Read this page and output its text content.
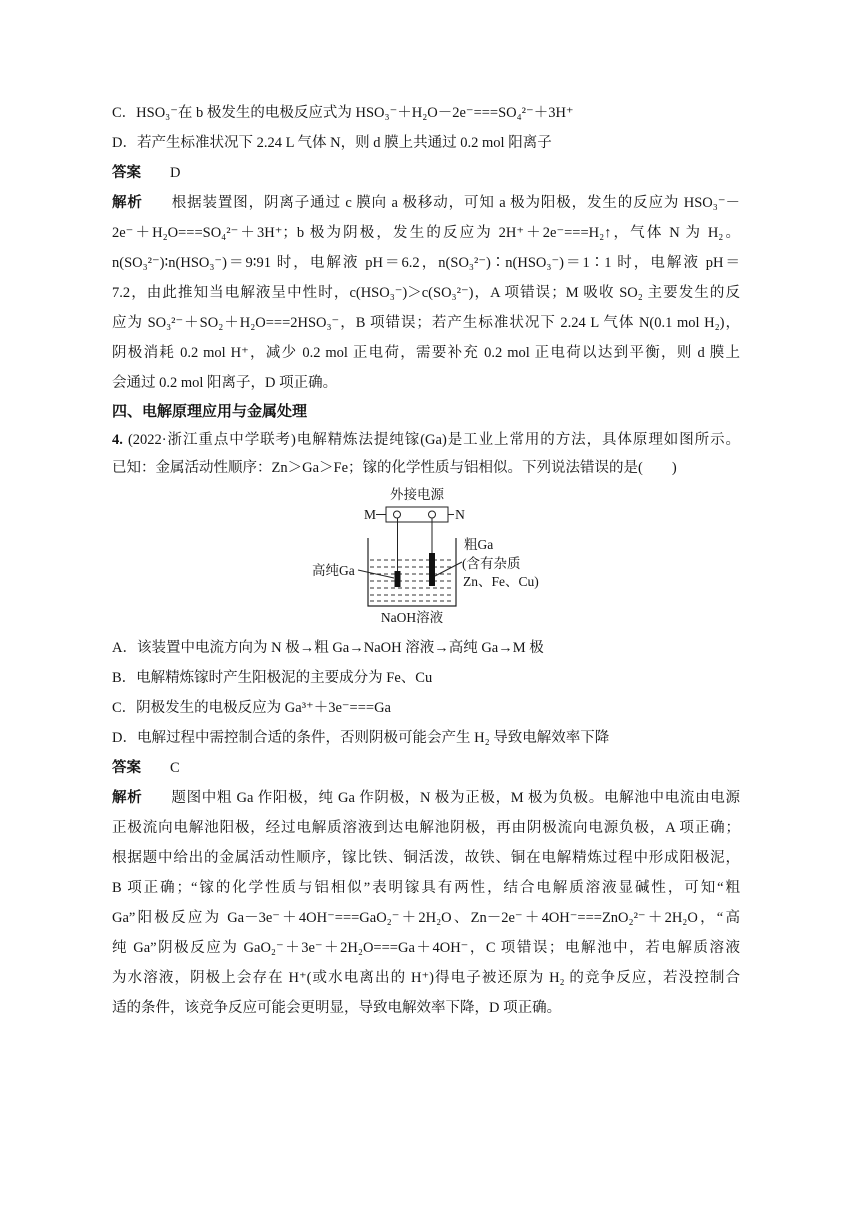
C．HSO₃⁻在 b 极发生的电极反应式为 HSO₃⁻＋H₂O－2e⁻===SO₄²⁻＋3H⁺
D．若产生标准状况下 2.24 L 气体 N，则 d 膜上共通过 0.2 mol 阳离子
答案 D
解析 根据装置图，阴离子通过 c 膜向 a 极移动，可知 a 极为阳极，发生的反应为 HSO₃⁻－
2e⁻＋H₂O===SO₄²⁻＋3H⁺；b 极为阴极，发生的反应为 2H⁺＋2e⁻===H₂↑，气体 N 为 H₂。
n(SO₃²⁻)∶n(HSO₃⁻)＝9∶91 时，电解液 pH＝6.2，n(SO₃²⁻)∶n(HSO₃⁻)＝1∶1 时，电解液 pH＝
7.2，由此推知当电解液呈中性时，c(HSO₃⁻)＞c(SO₃²⁻)，A 项错误；M 吸收 SO₂ 主要发生的反
应为 SO₃²⁻＋SO₂＋H₂O===2HSO₃⁻，B 项错误；若产生标准状况下 2.24 L 气体 N(0.1 mol H₂)，
阴极消耗 0.2 mol H⁺，减少 0.2 mol 正电荷，需要补充 0.2 mol 正电荷以达到平衡，则 d 膜上
会通过 0.2 mol 阳离子，D 项正确。
四、电解原理应用与金属处理
4. (2022·浙江重点中学联考)电解精炼法提纯镓(Ga)是工业上常用的方法，具体原理如图所示。
已知：金属活动性顺序：Zn＞Ga＞Fe；镓的化学性质与铝相似。下列说法错误的是(　　)
外接电源
M	N
高纯Ga
粗Ga
(含有杂质
Zn、Fe、Cu)
NaOH溶液
A．该装置中电流方向为 N 极→粗 Ga→NaOH 溶液→高纯 Ga→M 极
B．电解精炼镓时产生阳极泥的主要成分为 Fe、Cu
C．阴极发生的电极反应为 Ga³⁺＋3e⁻===Ga
D．电解过程中需控制合适的条件，否则阴极可能会产生 H₂ 导致电解效率下降
答案 C
解析 题图中粗 Ga 作阳极，纯 Ga 作阴极，N 极为正极，M 极为负极。电解池中电流由电源
正极流向电解池阳极，经过电解质溶液到达电解池阴极，再由阴极流向电源负极，A 项正确；
根据题中给出的金属活动性顺序，镓比铁、铜活泼，故铁、铜在电解精炼过程中形成阳极泥，
B 项正确；“镓的化学性质与铝相似”表明镓具有两性，结合电解质溶液显碱性，可知“粗
Ga”阳极反应为 Ga－3e⁻＋4OH⁻===GaO₂⁻＋2H₂O、Zn－2e⁻＋4OH⁻===ZnO₂²⁻＋2H₂O，“高
纯 Ga”阴极反应为 GaO₂⁻＋3e⁻＋2H₂O===Ga＋4OH⁻，C 项错误；电解池中，若电解质溶液
为水溶液，阴极上会存在 H⁺(或水电离出的 H⁺)得电子被还原为 H₂ 的竞争反应，若没控制合
适的条件，该竞争反应可能会更明显，导致电解效率下降，D 项正确。
